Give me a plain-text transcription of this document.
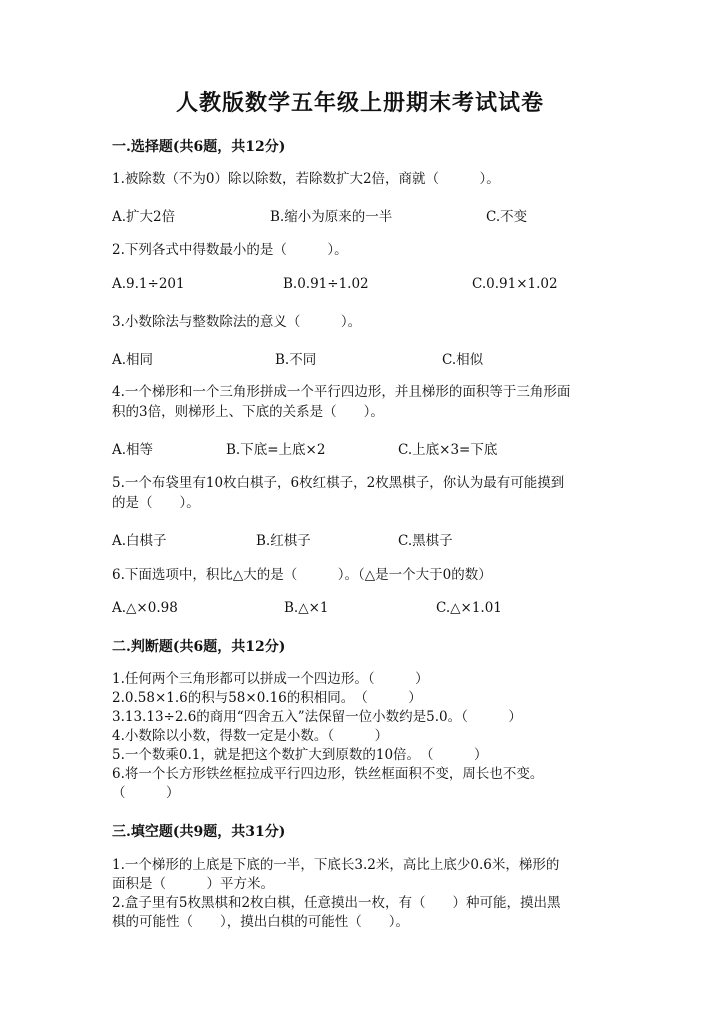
人教版数学五年级上册期末考试试卷
一.选择题(共6题，共12分)
1.被除数（不为0）除以除数，若除数扩大2倍，商就（　　　）。
A.扩大2倍	B.缩小为原来的一半	C.不变
2.下列各式中得数最小的是（　　　）。
A.9.1÷201	B.0.91÷1.02	C.0.91×1.02
3.小数除法与整数除法的意义（　　　）。
A.相同	B.不同	C.相似
4.一个梯形和一个三角形拼成一个平行四边形，并且梯形的面积等于三角形面
积的3倍，则梯形上、下底的关系是（　　）。
A.相等	B.下底=上底×2	C.上底×3=下底
5.一个布袋里有10枚白棋子，6枚红棋子，2枚黑棋子，你认为最有可能摸到
的是（　　）。
A.白棋子	B.红棋子	C.黑棋子
6.下面选项中，积比△大的是（　　　）。（△是一个大于0的数）
A.△×0.98	B.△×1	C.△×1.01
二.判断题(共6题，共12分)
1.任何两个三角形都可以拼成一个四边形。（　　　）
2.0.58×1.6的积与58×0.16的积相同。　（　　　）
3.13.13÷2.6的商用“四舍五入”法保留一位小数约是5.0。（　　　）
4.小数除以小数，得数一定是小数。（　　　）
5.一个数乘0.1，就是把这个数扩大到原数的10倍。　（　　　）
6.将一个长方形铁丝框拉成平行四边形，铁丝框面积不变，周长也不变。
（　　　）
三.填空题(共9题，共31分)
1.一个梯形的上底是下底的一半，下底长3.2米，高比上底少0.6米，梯形的
面积是（　　　）平方米。
2.盒子里有5枚黑棋和2枚白棋，任意摸出一枚，有（　　）种可能，摸出黑
棋的可能性（　　），摸出白棋的可能性（　　）。
